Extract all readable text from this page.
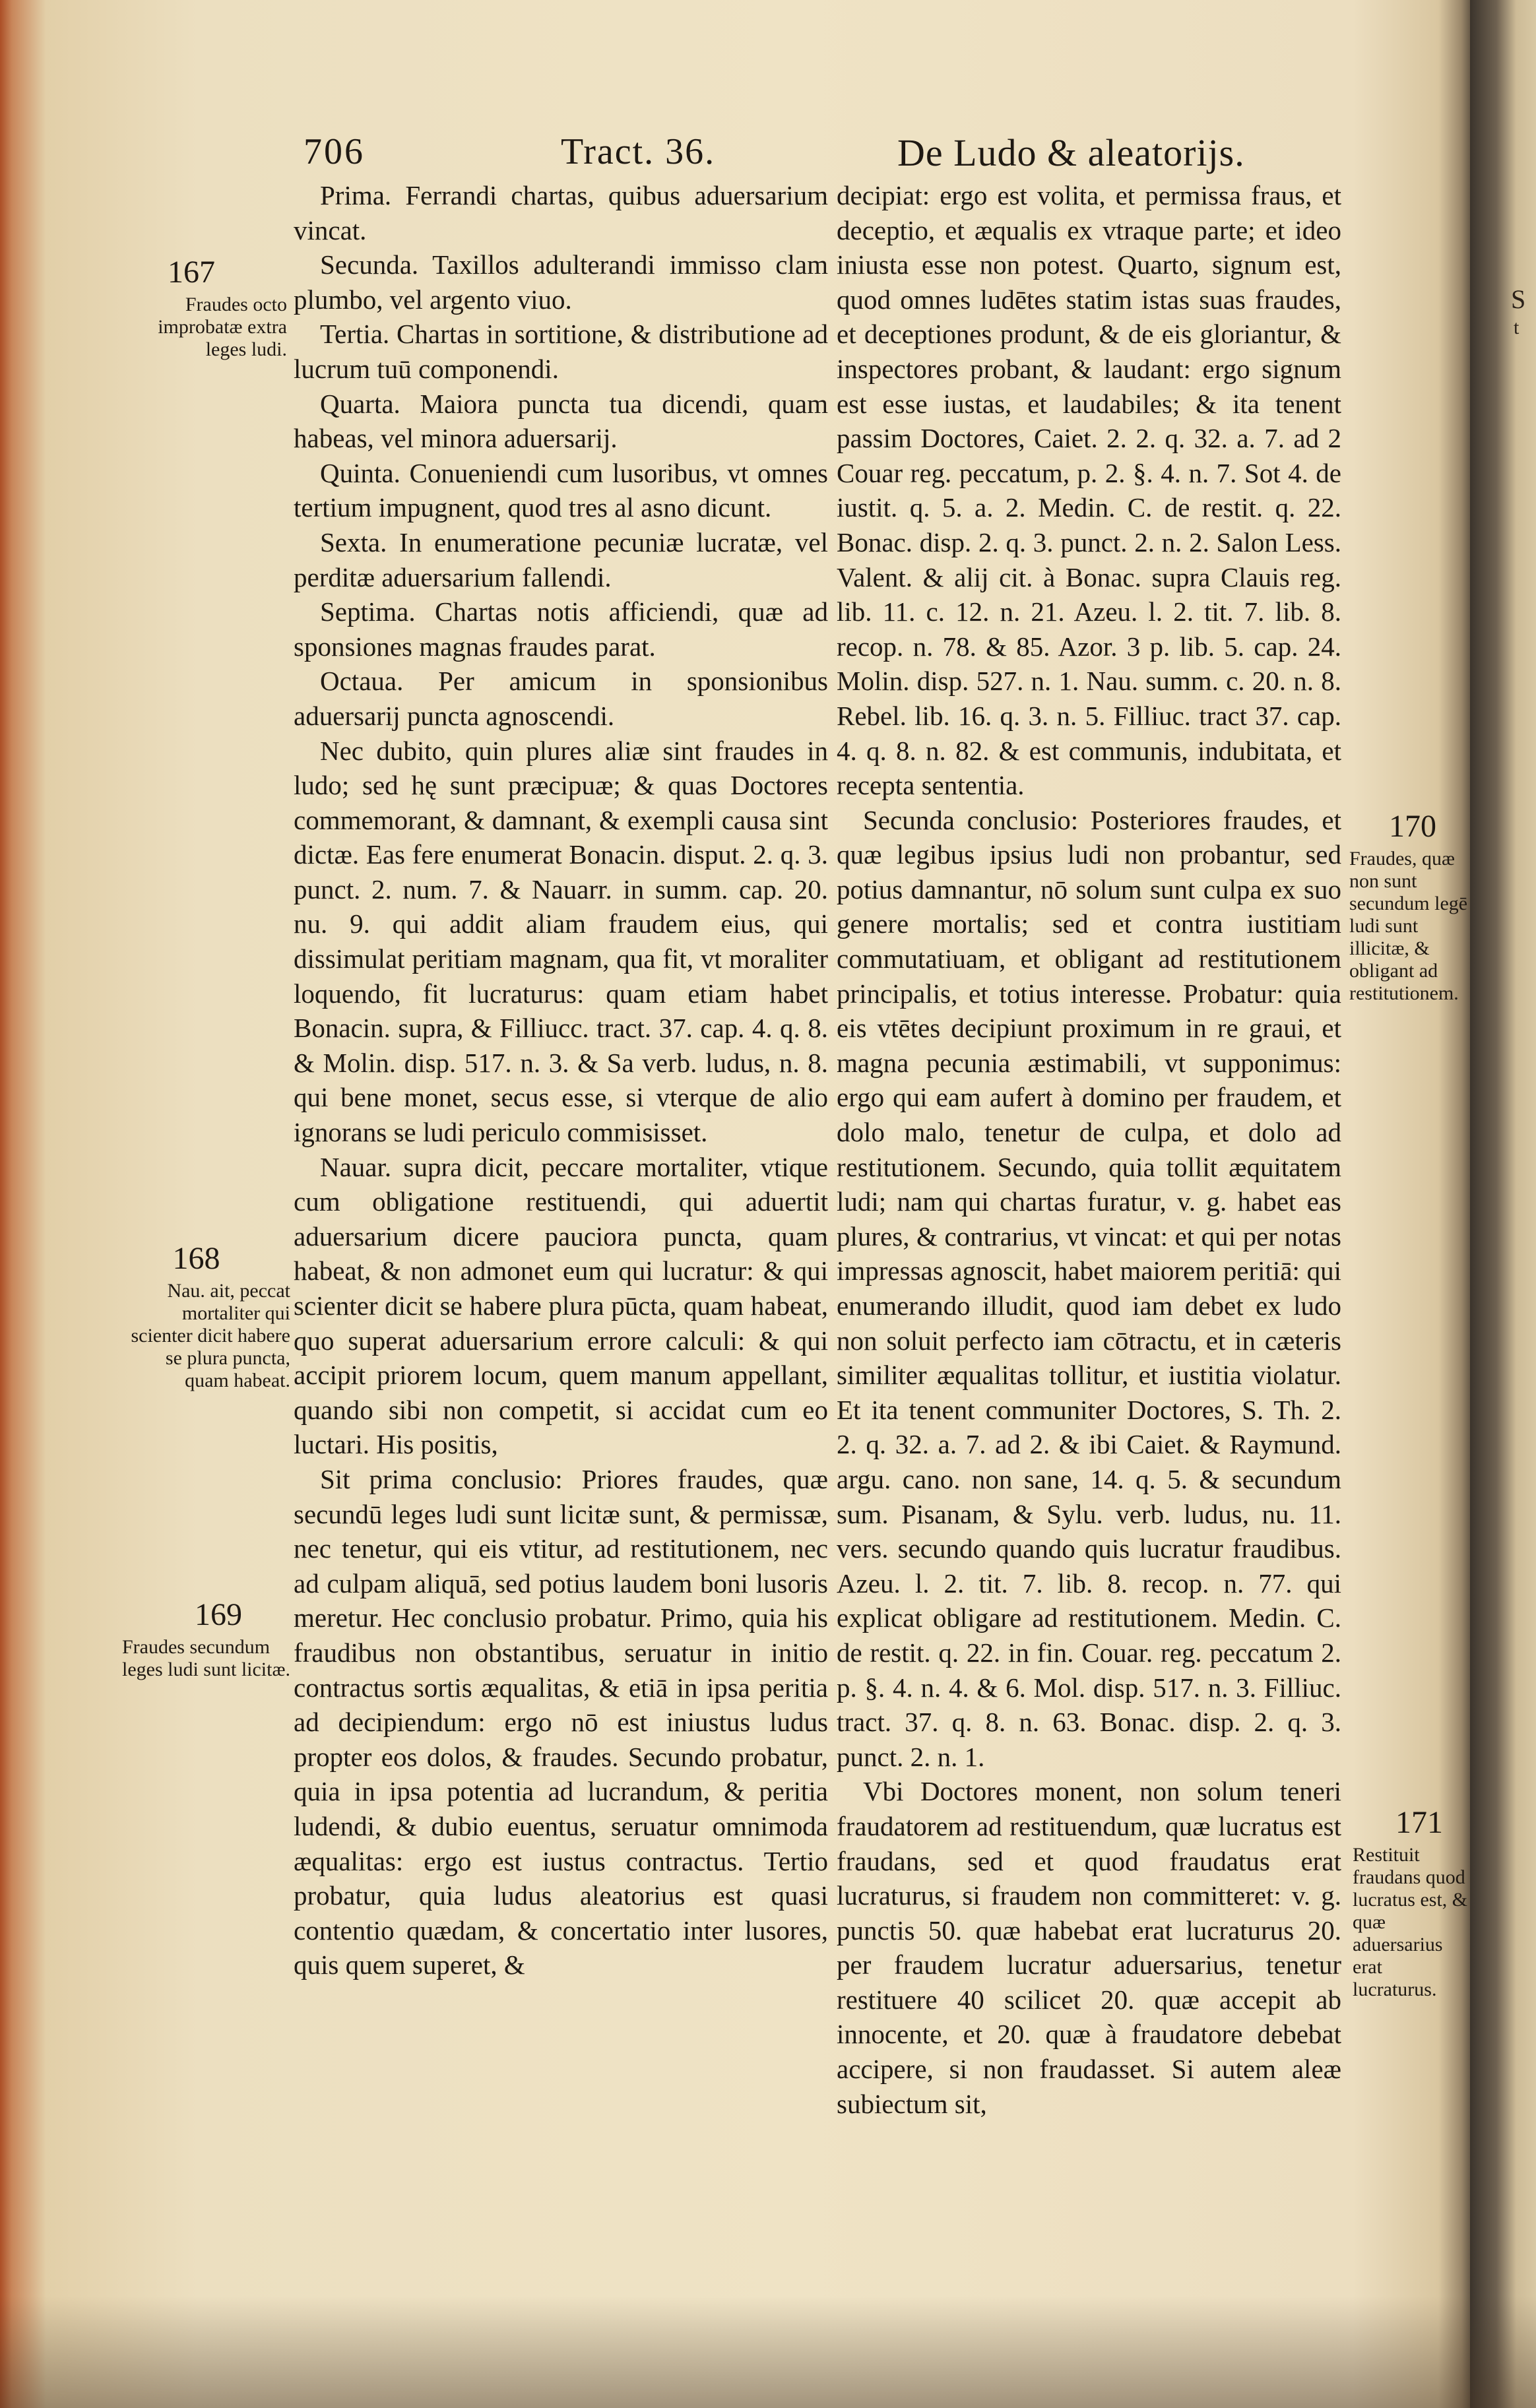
S
t
706	Tract. 36.	De Ludo & aleatorijs.
167
Fraudes octo improbatæ extra leges ludi.
168
Nau. ait, peccat mortaliter qui scienter dicit habere se plura puncta, quam habeat.
169
Fraudes secundum leges ludi sunt licitæ.
170
Fraudes, quæ non sunt secundum legē ludi sunt illicitæ, & obligant ad restitutionem.
171
Restituit fraudans quod lucratus est, & quæ aduersarius erat lucraturus.

Prima. Ferrandi chartas, quibus aduersarium vincat.

Secunda. Taxillos adulterandi immisso clam plumbo, vel argento viuo.

Tertia. Chartas in sortitione, & distributione ad lucrum tuū componendi.

Quarta. Maiora puncta tua dicendi, quam habeas, vel minora aduersarij.

Quinta. Conueniendi cum lusoribus, vt omnes tertium impugnent, quod tres al asno dicunt.

Sexta. In enumeratione pecuniæ lucratæ, vel perditæ aduersarium fallendi.

Septima. Chartas notis afficiendi, quæ ad sponsiones magnas fraudes parat.

Octaua. Per amicum in sponsionibus aduersarij puncta agnoscendi.

Nec dubito, quin plures aliæ sint fraudes in ludo; sed hę sunt præcipuæ; & quas Doctores commemorant, & damnant, & exempli causa sint dictæ. Eas fere enumerat Bonacin. disput. 2. q. 3. punct. 2. num. 7. & Nauarr. in summ. cap. 20. nu. 9. qui addit aliam fraudem eius, qui dissimulat peritiam magnam, qua fit, vt moraliter loquendo, fit lucraturus: quam etiam habet Bonacin. supra, & Filliucc. tract. 37. cap. 4. q. 8. & Molin. disp. 517. n. 3. & Sa verb. ludus, n. 8. qui bene monet, secus esse, si vterque de alio ignorans se ludi periculo commisisset.

Nauar. supra dicit, peccare mortaliter, vtique cum obligatione restituendi, qui aduertit aduersarium dicere pauciora puncta, quam habeat, & non admonet eum qui lucratur: & qui scienter dicit se habere plura pūcta, quam habeat, quo superat aduersarium errore calculi: & qui accipit priorem locum, quem manum appellant, quando sibi non competit, si accidat cum eo luctari. His positis,

Sit prima conclusio: Priores fraudes, quæ secundū leges ludi sunt licitæ sunt, & permissæ, nec tenetur, qui eis vtitur, ad restitutionem, nec ad culpam aliquā, sed potius laudem boni lusoris meretur. Hec conclusio probatur. Primo, quia his fraudibus non obstantibus, seruatur in initio contractus sortis æqualitas, & etiā in ipsa peritia ad decipiendum: ergo nō est iniustus ludus propter eos dolos, & fraudes. Secundo probatur, quia in ipsa potentia ad lucrandum, & peritia ludendi, & dubio euentus, seruatur omnimoda æqualitas: ergo est iustus contractus. Tertio probatur, quia ludus aleatorius est quasi contentio quædam, & concertatio inter lusores, quis quem superet, &

decipiat: ergo est volita, et permissa fraus, et deceptio, et æqualis ex vtraque parte; et ideo iniusta esse non potest. Quarto, signum est, quod omnes ludētes statim istas suas fraudes, et deceptiones produnt, & de eis gloriantur, & inspectores probant, & laudant: ergo signum est esse iustas, et laudabiles; & ita tenent passim Doctores, Caiet. 2. 2. q. 32. a. 7. ad 2 Couar reg. peccatum, p. 2. §. 4. n. 7. Sot 4. de iustit. q. 5. a. 2. Medin. C. de restit. q. 22. Bonac. disp. 2. q. 3. punct. 2. n. 2. Salon Less. Valent. & alij cit. à Bonac. supra Clauis reg. lib. 11. c. 12. n. 21. Azeu. l. 2. tit. 7. lib. 8. recop. n. 78. & 85. Azor. 3 p. lib. 5. cap. 24. Molin. disp. 527. n. 1. Nau. summ. c. 20. n. 8. Rebel. lib. 16. q. 3. n. 5. Filliuc. tract 37. cap. 4. q. 8. n. 82. & est communis, indubitata, et recepta sententia.

Secunda conclusio: Posteriores fraudes, et quæ legibus ipsius ludi non probantur, sed potius damnantur, nō solum sunt culpa ex suo genere mortalis; sed et contra iustitiam commutatiuam, et obligant ad restitutionem principalis, et totius interesse. Probatur: quia eis vtētes decipiunt proximum in re graui, et magna pecunia æstimabili, vt supponimus: ergo qui eam aufert à domino per fraudem, et dolo malo, tenetur de culpa, et dolo ad restitutionem. Secundo, quia tollit æquitatem ludi; nam qui chartas furatur, v. g. habet eas plures, & contrarius, vt vincat: et qui per notas impressas agnoscit, habet maiorem peritiā: qui enumerando illudit, quod iam debet ex ludo non soluit perfecto iam cōtractu, et in cæteris similiter æqualitas tollitur, et iustitia violatur. Et ita tenent communiter Doctores, S. Th. 2. 2. q. 32. a. 7. ad 2. & ibi Caiet. & Raymund. argu. cano. non sane, 14. q. 5. & secundum sum. Pisanam, & Sylu. verb. ludus, nu. 11. vers. secundo quando quis lucratur fraudibus. Azeu. l. 2. tit. 7. lib. 8. recop. n. 77. qui explicat obligare ad restitutionem. Medin. C. de restit. q. 22. in fin. Couar. reg. peccatum 2. p. §. 4. n. 4. & 6. Mol. disp. 517. n. 3. Filliuc. tract. 37. q. 8. n. 63. Bonac. disp. 2. q. 3. punct. 2. n. 1.

Vbi Doctores monent, non solum teneri fraudatorem ad restituendum, quæ lucratus est fraudans, sed et quod fraudatus erat lucraturus, si fraudem non committeret: v. g. punctis 50. quæ habebat erat lucraturus 20. per fraudem lucratur aduersarius, tenetur restituere 40 scilicet 20. quæ accepit ab innocente, et 20. quæ à fraudatore debebat accipere, si non fraudasset. Si autem aleæ subiectum sit,
